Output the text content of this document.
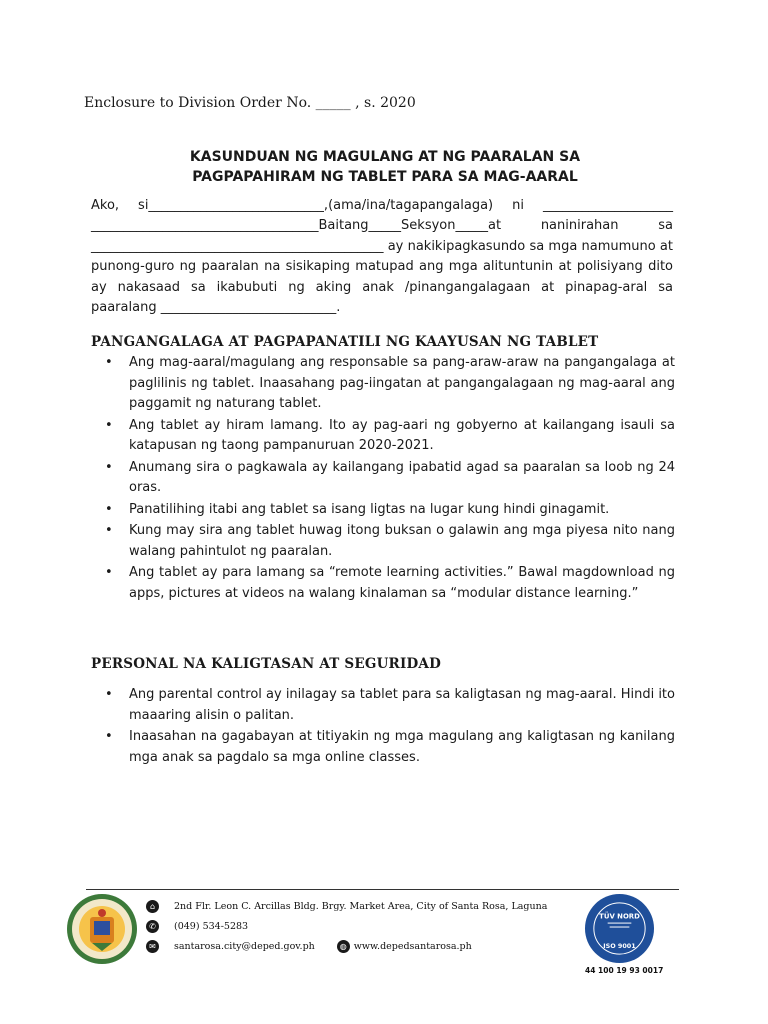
Enclosure to Division Order No. _____ , s. 2020
KASUNDUAN NG MAGULANG AT NG PAARALAN SA
PAGPAPAHIRAM NG TABLET PARA SA MAG-AARAL

Ako, si___________________________,(ama/ina/tagapangalaga) ni ____________________ ___________________________________Baitang_____Seksyon_____at naninirahan sa _____________________________________________ ay nakikipagkasundo sa mga namumuno at punong-guro ng paaralan na sisikaping matupad ang mga alituntunin at polisiyang dito ay nakasaad sa ikabubuti ng aking anak /pinangangalagaan at pinapag-aral sa paaralang ___________________________.

PANGANGALAGA AT PAGPAPANATILI NG KAAYUSAN NG TABLET
• Ang mag-aaral/magulang ang responsable sa pang-araw-araw na pangangalaga at paglilinis ng tablet. Inaasahang pag-iingatan at pangangalagaan ng mag-aaral ang paggamit ng naturang tablet.
• Ang tablet ay hiram lamang. Ito ay pag-aari ng gobyerno at kailangang isauli sa katapusan ng taong pampanuruan 2020-2021.
• Anumang sira o pagkawala ay kailangang ipabatid agad sa paaralan sa loob ng 24 oras.
• Panatilihing itabi ang tablet sa isang ligtas na lugar kung hindi ginagamit.
• Kung may sira ang tablet huwag itong buksan o galawin ang mga piyesa nito nang walang pahintulot ng paaralan.
• Ang tablet ay para lamang sa “remote learning activities.” Bawal magdownload ng apps, pictures at videos na walang kinalaman sa “modular distance learning.”
PERSONAL NA KALIGTASAN AT SEGURIDAD
• Ang parental control ay inilagay sa tablet para sa kaligtasan ng mag-aaral. Hindi ito maaaring alisin o palitan.
• Inaasahan na gagabayan at titiyakin ng mga magulang ang kaligtasan ng kanilang mga anak sa pagdalo sa mga online classes.
⌂	2nd Flr. Leon C. Arcillas Bldg. Brgy. Market Area, City of Santa Rosa, Laguna
✆	(049) 534-5283
✉	santarosa.city@deped.gov.ph	◍ www.depedsantarosa.ph
TÜV NORD
ISO 9001
44 100 19 93 0017
